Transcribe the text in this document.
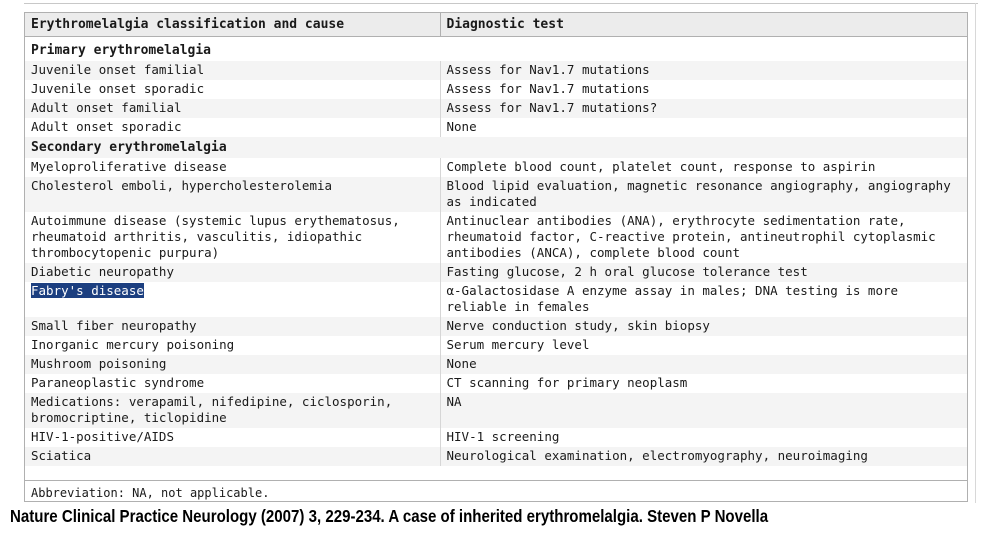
Erythromelalgia classification and cause	Diagnostic test

Primary erythromelalgia	
Juvenile onset familial	Assess for Nav1.7 mutations
Juvenile onset sporadic	Assess for Nav1.7 mutations
Adult onset familial	Assess for Nav1.7 mutations?
Adult onset sporadic	None
Secondary erythromelalgia	
Myeloproliferative disease	Complete blood count, platelet count, response to aspirin
Cholesterol emboli, hypercholesterolemia	Blood lipid evaluation, magnetic resonance angiography, angiography as indicated
Autoimmune disease (systemic lupus erythematosus, rheumatoid arthritis, vasculitis, idiopathic thrombocytopenic purpura)	Antinuclear antibodies (ANA), erythrocyte sedimentation rate, rheumatoid factor, C-reactive protein, antineutrophil cytoplasmic antibodies (ANCA), complete blood count
Diabetic neuropathy	Fasting glucose, 2 h oral glucose tolerance test
Fabry's disease	α-Galactosidase A enzyme assay in males; DNA testing is more reliable in females
Small fiber neuropathy	Nerve conduction study, skin biopsy
Inorganic mercury poisoning	Serum mercury level
Mushroom poisoning	None
Paraneoplastic syndrome	CT scanning for primary neoplasm
Medications: verapamil, nifedipine, ciclosporin, bromocriptine, ticlopidine	NA
HIV-1-positive/AIDS	HIV-1 screening
Sciatica	Neurological examination, electromyography, neuroimaging
Abbreviation: NA, not applicable.
Nature Clinical Practice Neurology (2007) 3, 229-234. A case of inherited erythromelalgia. Steven P Novella
